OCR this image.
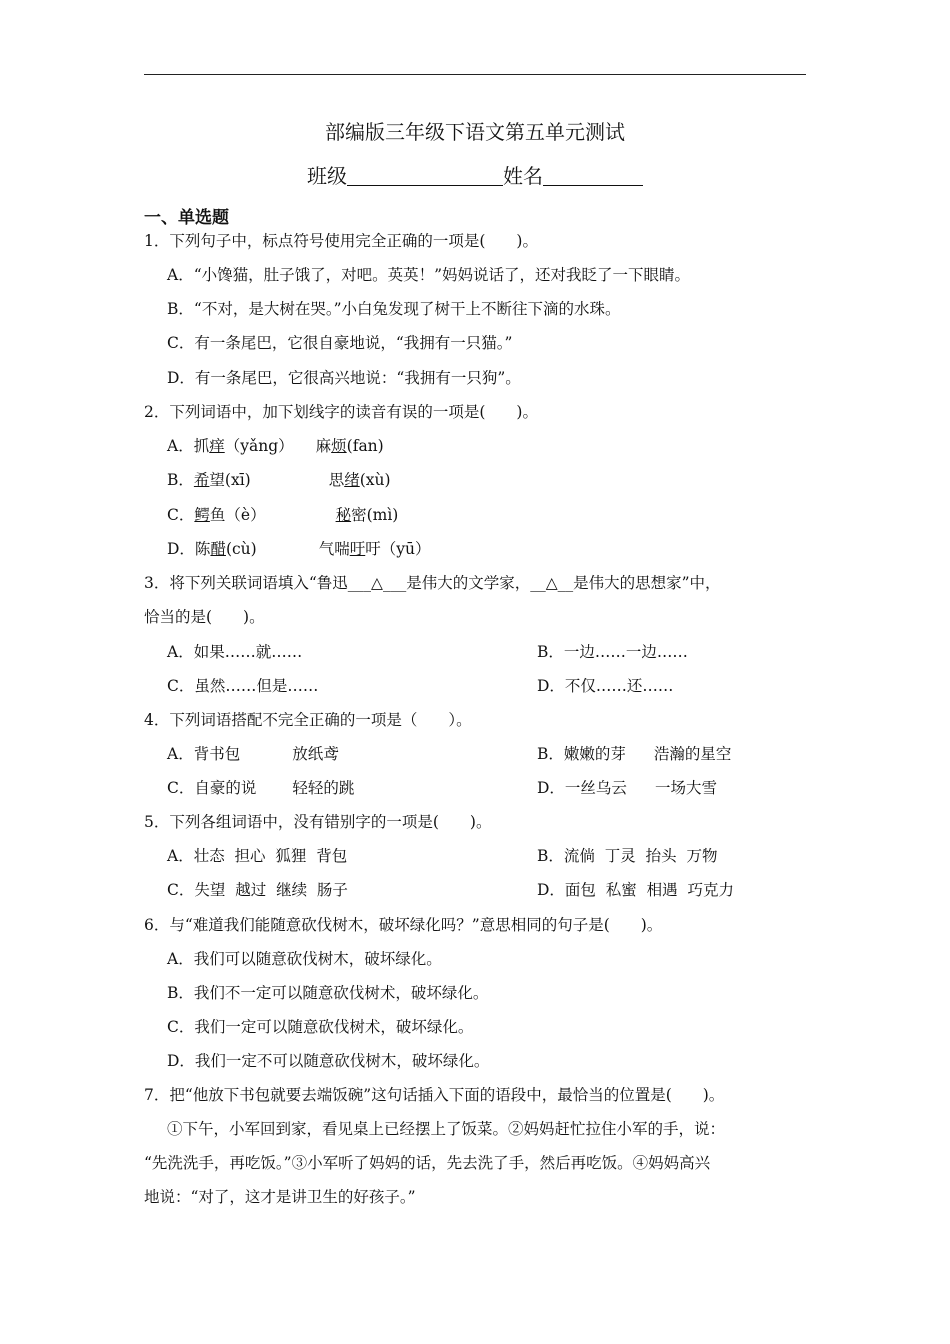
部编版三年级下语文第五单元测试
班级	姓名
一、单选题
1．下列句子中，标点符号使用完全正确的一项是(　　)。
A．“小馋猫，肚子饿了，对吧。英英！”妈妈说话了，还对我眨了一下眼睛。
B．“不对，是大树在哭。”小白兔发现了树干上不断往下滴的水珠。
C．有一条尾巴，它很自豪地说，“我拥有一只猫。”
D．有一条尾巴，它很高兴地说：“我拥有一只狗”。
2．下列词语中，加下划线字的读音有误的一项是(　　)。
A．抓痒（yǎng） 麻烦(fan)
B．希望(xī)	思绪(xù)
C．鳄鱼（è）	秘密(mì)
D．陈醋(cù)	气喘吁吁（yū）
3．将下列关联词语填入“鲁迅___△___是伟大的文学家，__△__是伟大的思想家”中，
恰当的是(　　)。
A．如果……就……	B．一边……一边……
C．虽然……但是……	D．不仅……还……
4．下列词语搭配不完全正确的一项是（　　）。
A．背书包	放纸鸢	B．嫩嫩的芽 浩瀚的星空
C．自豪的说 轻轻的跳	D．一丝乌云 一场大雪
5．下列各组词语中，没有错别字的一项是(　　)。
A．壮态  担心  狐狸  背包	B．流倘  丁灵  抬头  万物
C．失望  越过  继续  肠子	D．面包  私蜜  相遇  巧克力
6．与“难道我们能随意砍伐树木，破坏绿化吗？”意思相同的句子是(　　)。
A．我们可以随意砍伐树木，破坏绿化。
B．我们不一定可以随意砍伐树术，破坏绿化。
C．我们一定可以随意砍伐树术，破坏绿化。
D．我们一定不可以随意砍伐树木，破坏绿化。
7．把“他放下书包就要去端饭碗”这句话插入下面的语段中，最恰当的位置是(　　)。
①下午，小军回到家，看见桌上已经摆上了饭菜。②妈妈赶忙拉住小军的手，说：
“先洗洗手，再吃饭。”③小军听了妈妈的话，先去洗了手，然后再吃饭。④妈妈高兴
地说：“对了，这才是讲卫生的好孩子。”
